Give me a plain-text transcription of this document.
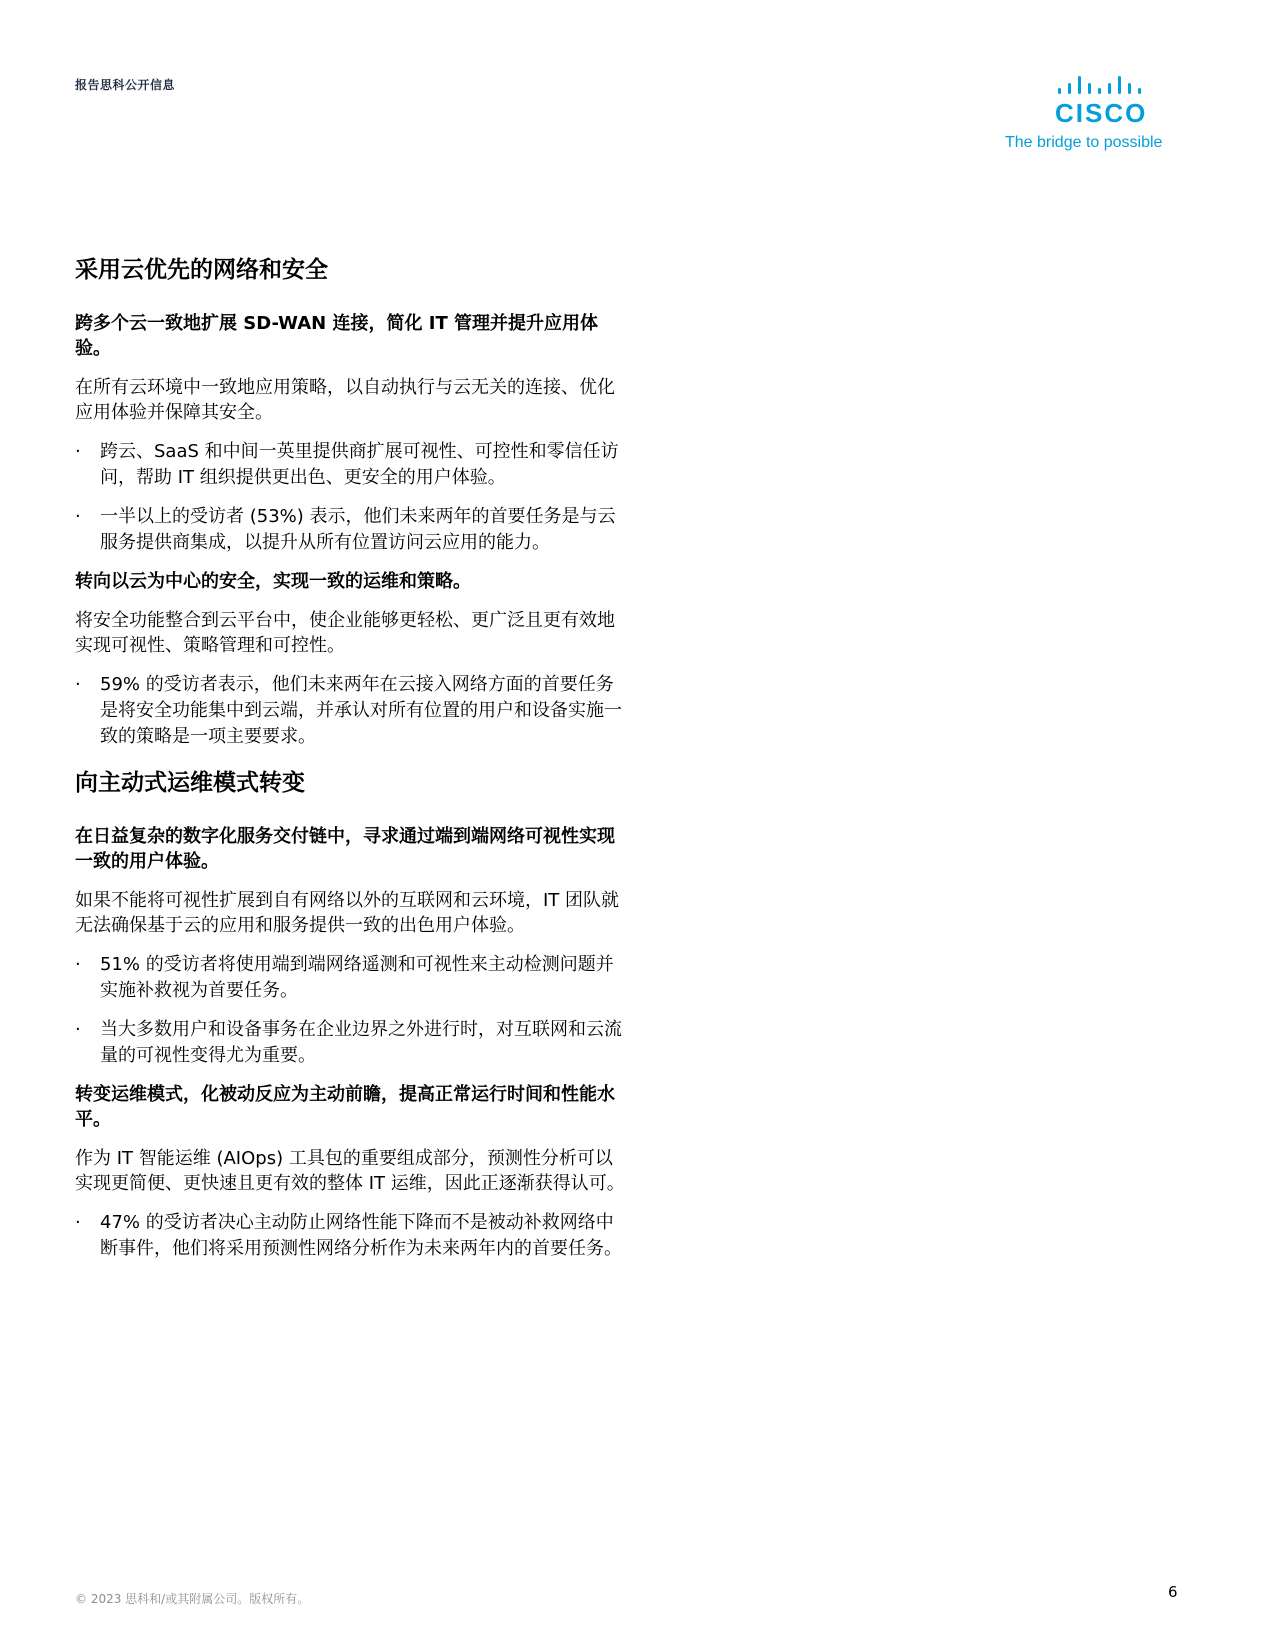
报告思科公开信息
CISCO
The bridge to possible
采用云优先的网络和安全
跨多个云一致地扩展 SD-WAN 连接，简化 IT 管理并提升应用体验。
在所有云环境中一致地应用策略，以自动执行与云无关的连接、优化应用体验并保障其安全。
· 跨云、SaaS 和中间一英里提供商扩展可视性、可控性和零信任访问，帮助 IT 组织提供更出色、更安全的用户体验。
· 一半以上的受访者 (53%) 表示，他们未来两年的首要任务是与云服务提供商集成，以提升从所有位置访问云应用的能力。
转向以云为中心的安全，实现一致的运维和策略。
将安全功能整合到云平台中，使企业能够更轻松、更广泛且更有效地实现可视性、策略管理和可控性。
· 59% 的受访者表示，他们未来两年在云接入网络方面的首要任务是将安全功能集中到云端，并承认对所有位置的用户和设备实施一致的策略是一项主要要求。
向主动式运维模式转变
在日益复杂的数字化服务交付链中，寻求通过端到端网络可视性实现一致的用户体验。
如果不能将可视性扩展到自有网络以外的互联网和云环境，IT 团队就无法确保基于云的应用和服务提供一致的出色用户体验。
· 51% 的受访者将使用端到端网络遥测和可视性来主动检测问题并实施补救视为首要任务。
· 当大多数用户和设备事务在企业边界之外进行时，对互联网和云流量的可视性变得尤为重要。
转变运维模式，化被动反应为主动前瞻，提高正常运行时间和性能水平。
作为 IT 智能运维 (AIOps) 工具包的重要组成部分，预测性分析可以实现更简便、更快速且更有效的整体 IT 运维，因此正逐渐获得认可。
· 47% 的受访者决心主动防止网络性能下降而不是被动补救网络中断事件，他们将采用预测性网络分析作为未来两年内的首要任务。
© 2023 思科和/或其附属公司。版权所有。	6
